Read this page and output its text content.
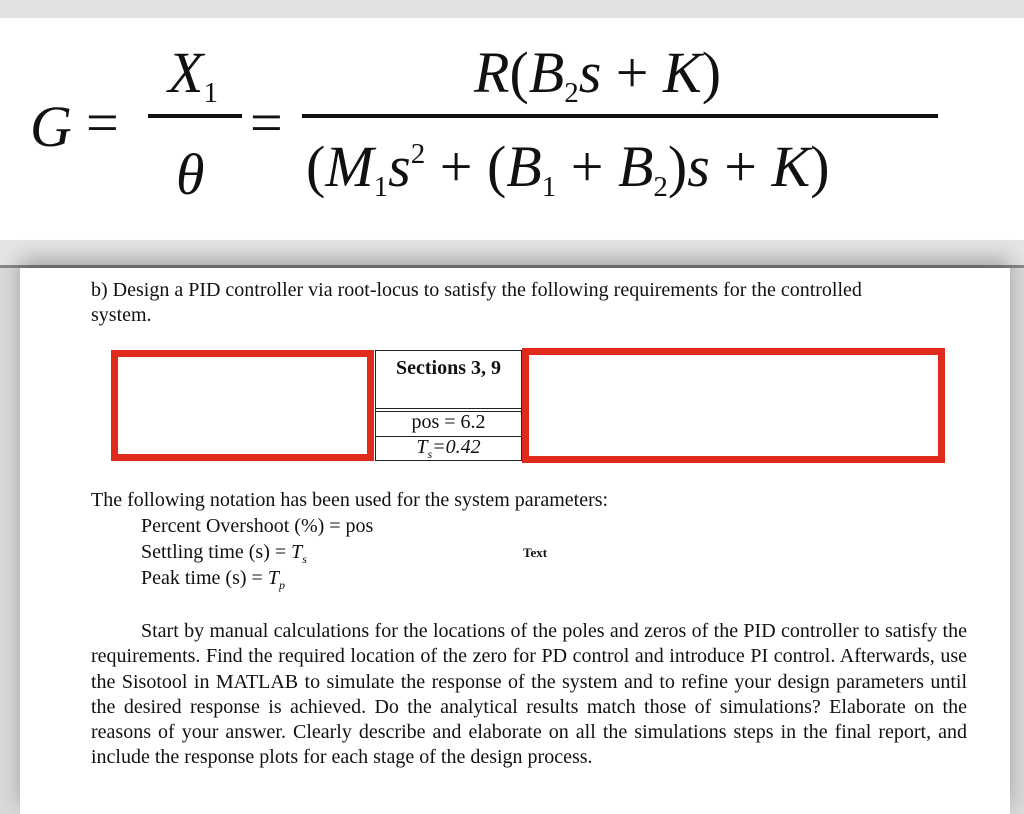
G =
$X_1$
θ
=
$R(B_2s + K)$
$(M_1s^2 + (B_1 + B_2)s + K)$
b) Design a PID controller via root-locus to satisfy the following requirements for the controlled
system.
Sections 3, 9
pos = 6.2
$T_s=0.42$
The following notation has been used for the system parameters:
Percent Overshoot (%) = pos
Settling time $(s) = T_s$
Peak time $(s) = T_p$
Text
Start by manual calculations for the locations of the poles and zeros of the PID controller to satisfy the requirements. Find the required location of the zero for PD control and introduce PI control. Afterwards, use the Sisotool in MATLAB to simulate the response of the system and to refine your design parameters until the desired response is achieved. Do the analytical results match those of simulations? Elaborate on the reasons of your answer. Clearly describe and elaborate on all the simulations steps in the final report, and include the response plots for each stage of the design process.
